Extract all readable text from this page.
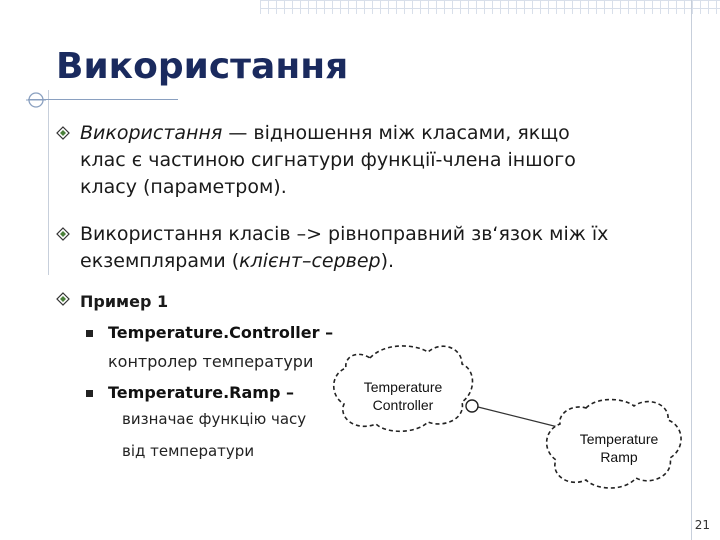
Використання
Використання — відношення між класами, якщо
клас є частиною сигнатури функції-члена іншого
класу (параметром).
Використання класів –> рівноправний зв‘язок між їх
екземплярами (клієнт–сервер).
Пример 1
Temperature.Controller –
контролер температури
Temperature.Ramp –
визначає функцію часу
від температури
Temperature
Controller
Temperature
Ramp
21
